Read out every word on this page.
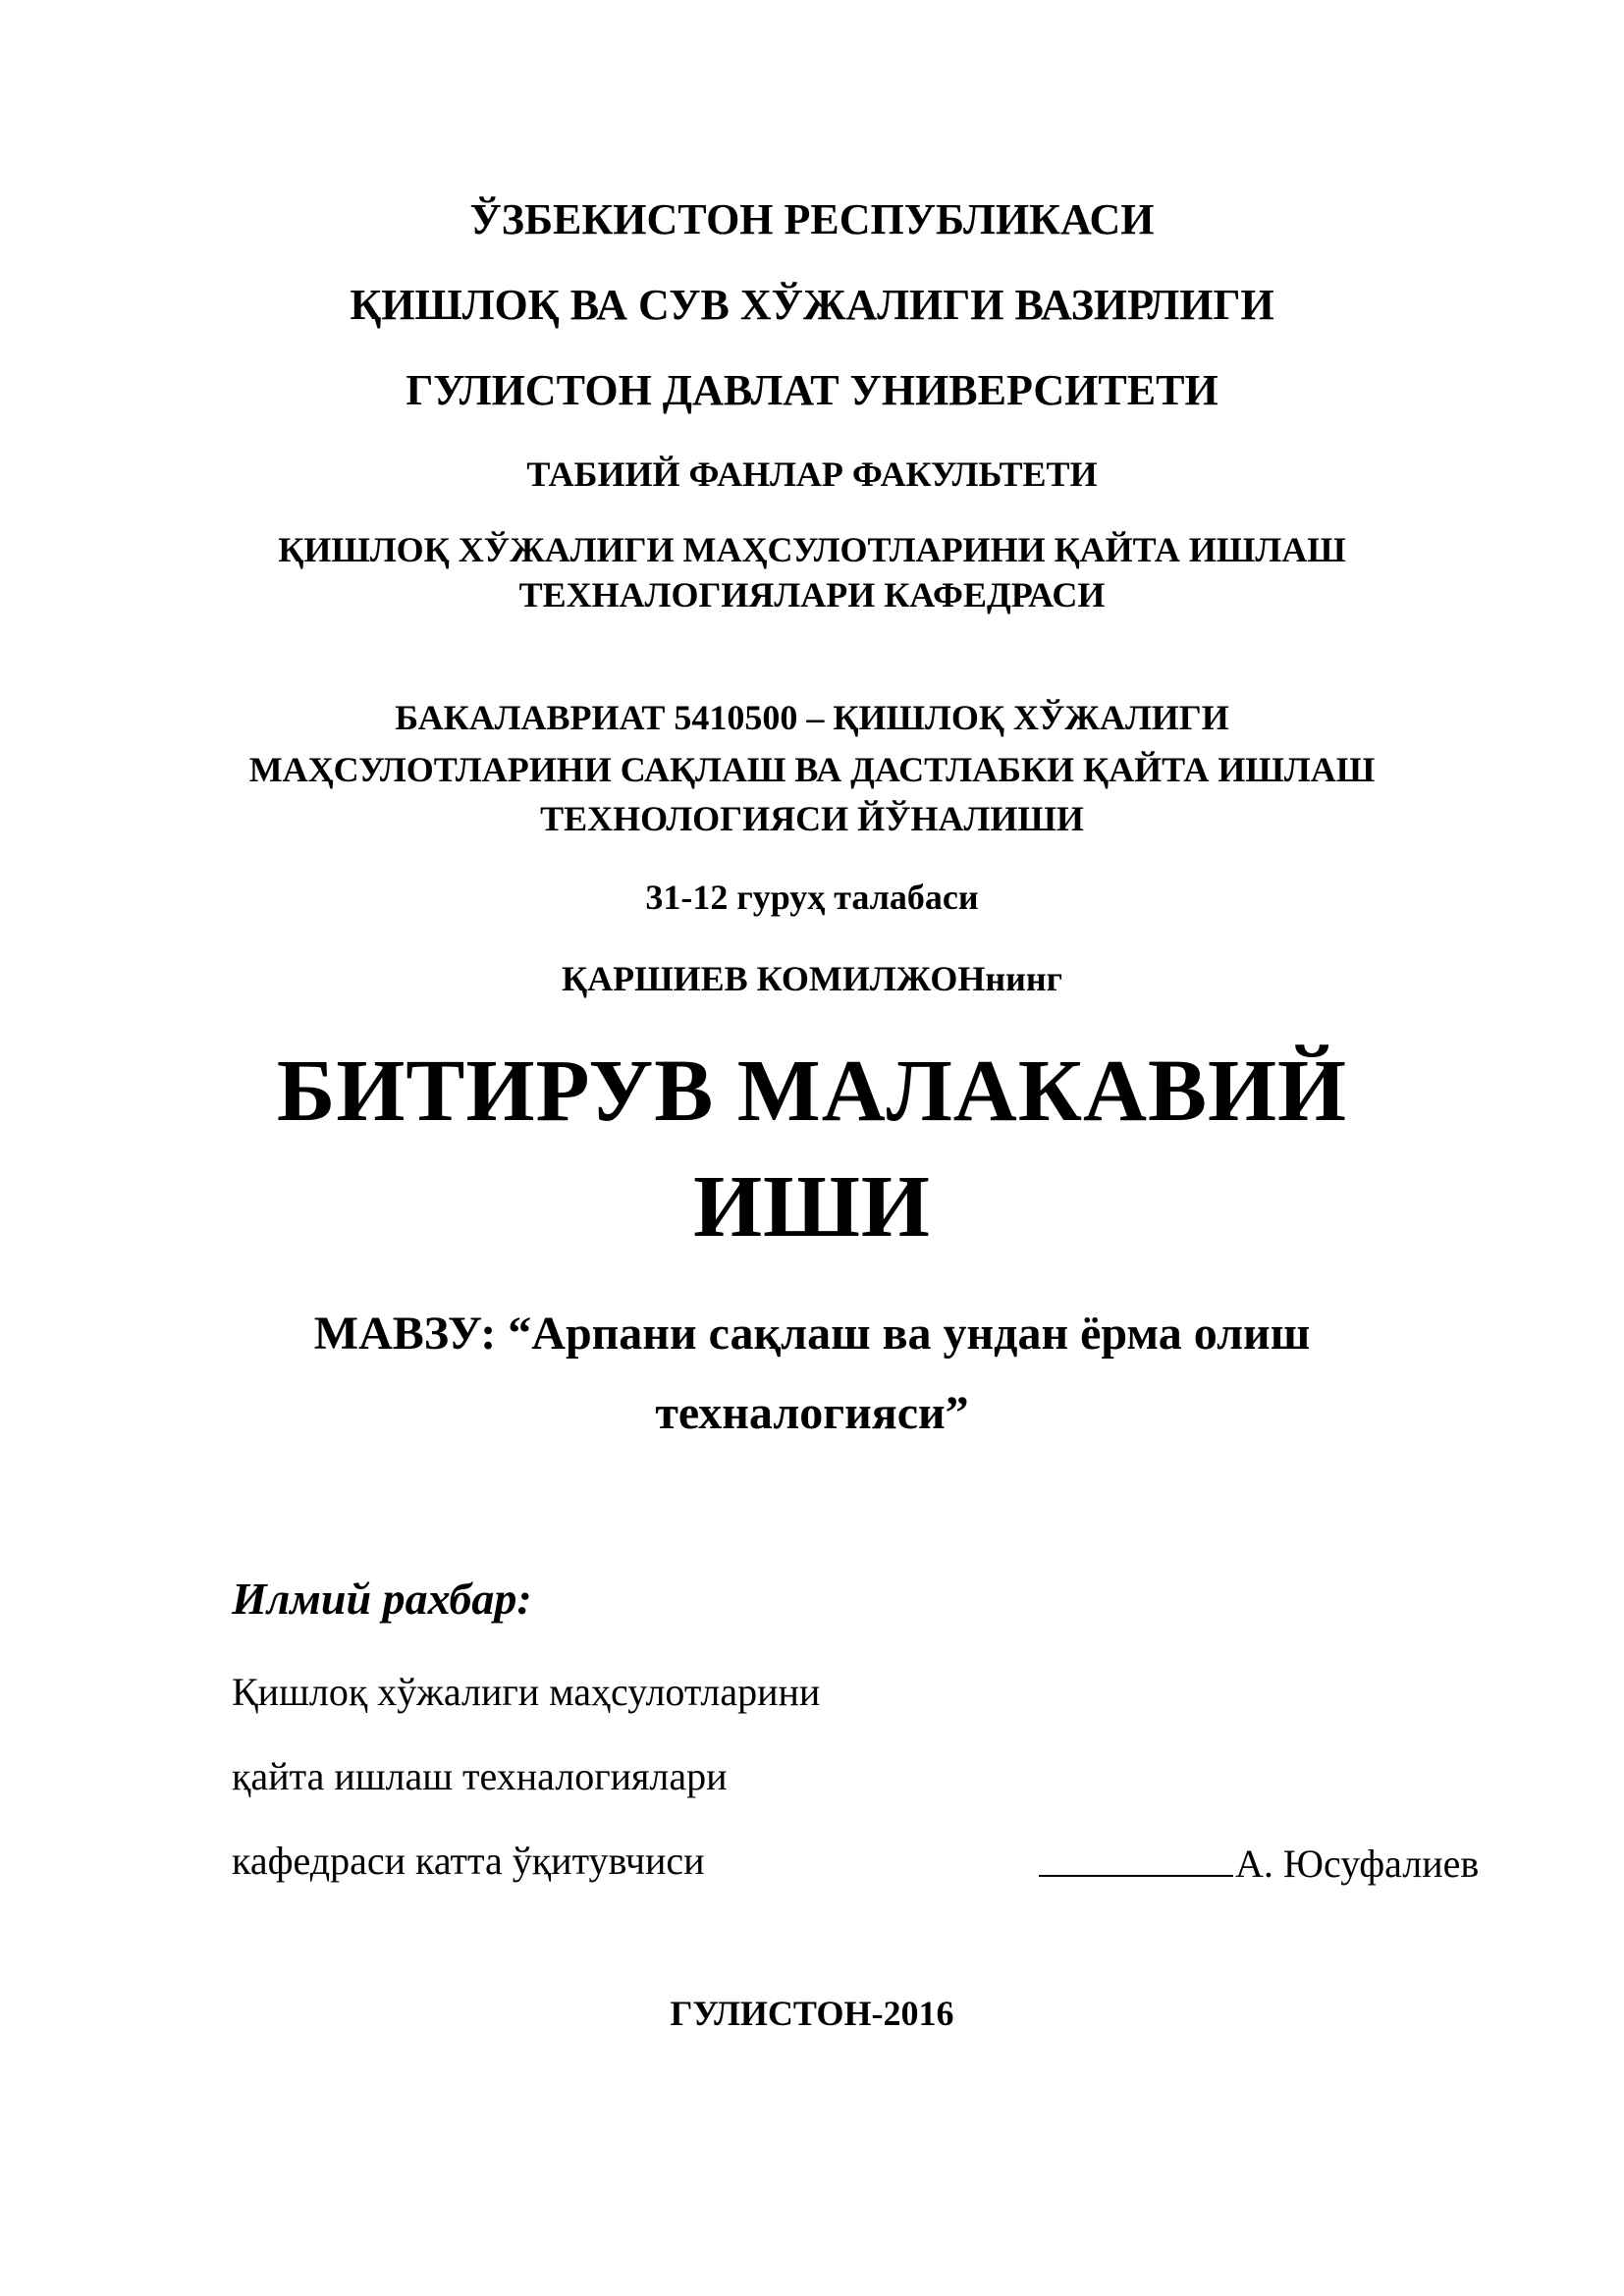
ЎЗБЕКИСТОН РЕСПУБЛИКАСИ
ҚИШЛОҚ ВА СУВ ХЎЖАЛИГИ ВАЗИРЛИГИ
ГУЛИСТОН ДАВЛАТ УНИВЕРСИТЕТИ
ТАБИИЙ ФАНЛАР ФАКУЛЬТЕТИ
ҚИШЛОҚ ХЎЖАЛИГИ МАҲСУЛОТЛАРИНИ ҚАЙТА ИШЛАШ
ТЕХНАЛОГИЯЛАРИ КАФЕДРАСИ
БАКАЛАВРИАТ 5410500 – ҚИШЛОҚ ХЎЖАЛИГИ
МАҲСУЛОТЛАРИНИ САҚЛАШ ВА ДАСТЛАБКИ ҚАЙТА ИШЛАШ
ТЕХНОЛОГИЯСИ ЙЎНАЛИШИ
31-12 гуруҳ талабаси
ҚАРШИЕВ КОМИЛЖОНнинг
БИТИРУВ МАЛАКАВИЙ
ИШИ
МАВЗУ: “Арпани сақлаш ва ундан ёрма олиш
техналогияси”
Илмий рахбар:
Қишлоқ хўжалиги маҳсулотларини
қайта ишлаш техналогиялари
кафедраси катта ўқитувчиси	А. Юсуфалиев
ГУЛИСТОН-2016
